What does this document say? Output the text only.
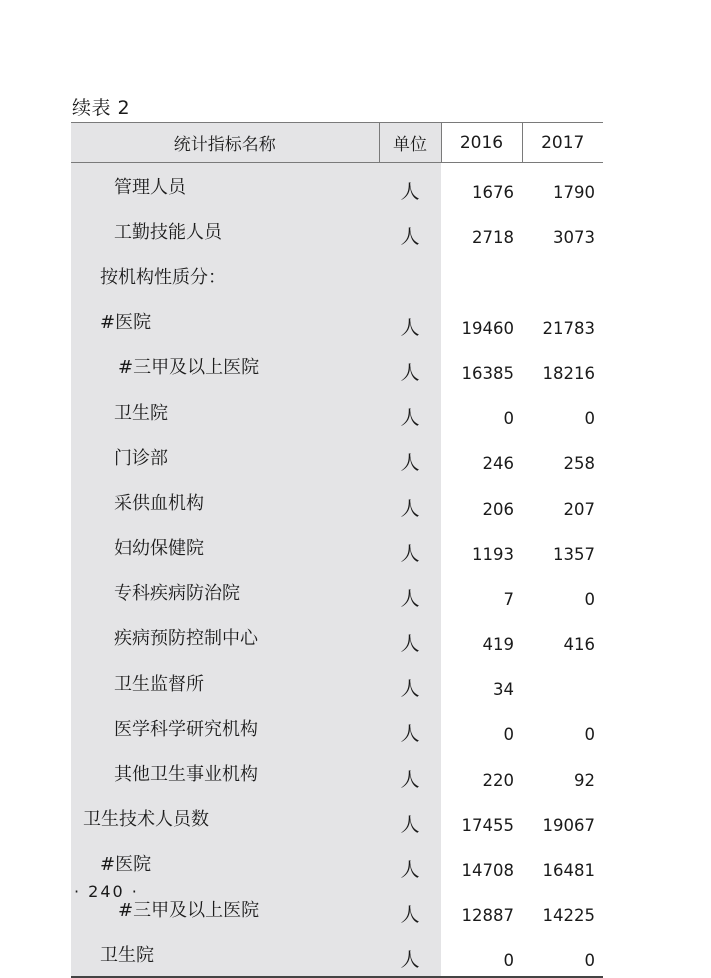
续表 2
统计指标名称	单位	2016	2017
管理人员	人	1676	1790
工勤技能人员	人	2718	3073
按机构性质分：			
#医院	人	19460	21783
#三甲及以上医院	人	16385	18216
卫生院	人	0	0
门诊部	人	246	258
采供血机构	人	206	207
妇幼保健院	人	1193	1357
专科疾病防治院	人	7	0
疾病预防控制中心	人	419	416
卫生监督所	人	34	
医学科学研究机构	人	0	0
其他卫生事业机构	人	220	92
卫生技术人员数	人	17455	19067
#医院	人	14708	16481
#三甲及以上医院	人	12887	14225
卫生院	人	0	0
· 240 ·
